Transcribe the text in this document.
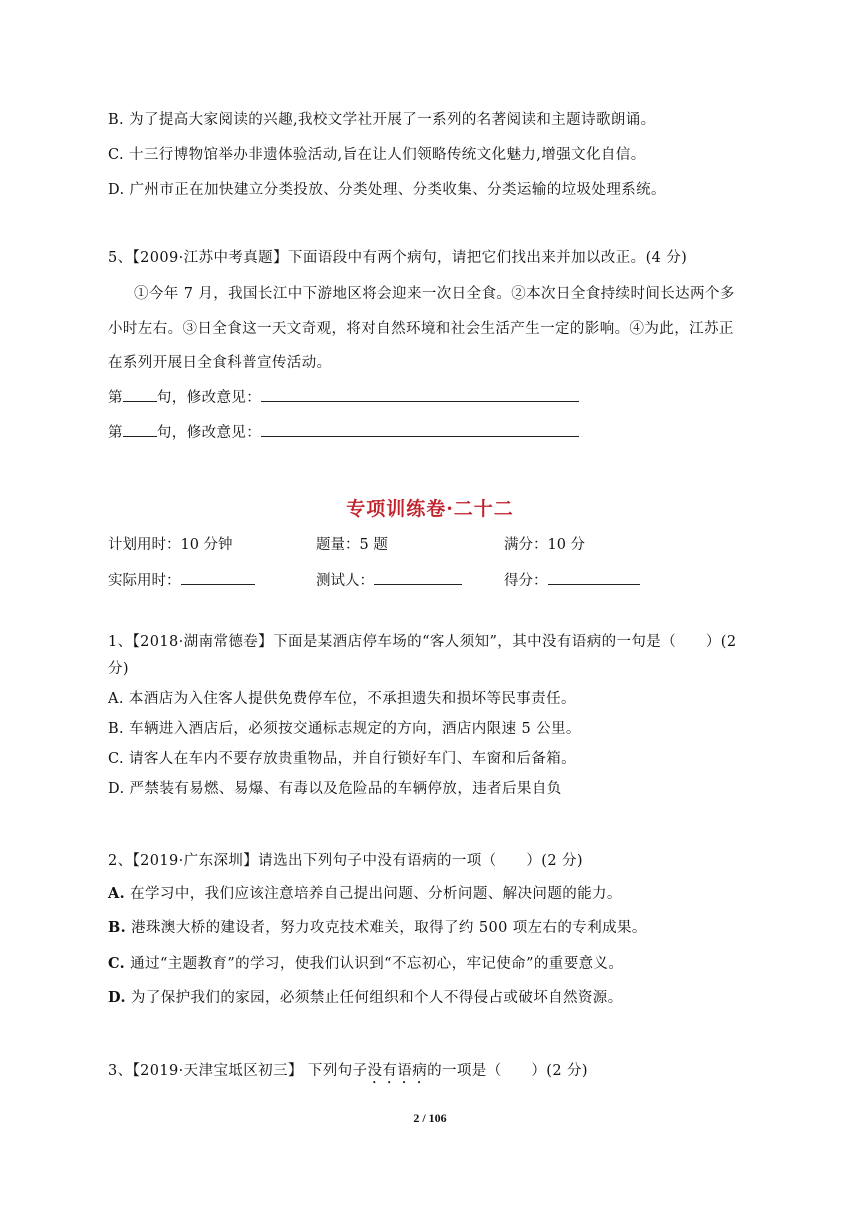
B. 为了提高大家阅读的兴趣,我校文学社开展了一系列的名著阅读和主题诗歌朗诵。
C. 十三行博物馆举办非遗体验活动,旨在让人们领略传统文化魅力,增强文化自信。
D. 广州市正在加快建立分类投放、分类处理、分类收集、分类运输的垃圾处理系统。
5、【2009·江苏中考真题】下面语段中有两个病句，请把它们找出来并加以改正。(4 分)
①今年 7 月，我国长江中下游地区将会迎来一次日全食。②本次日全食持续时间长达两个多
小时左右。③日全食这一天文奇观，将对自然环境和社会生活产生一定的影响。④为此，江苏正
在系列开展日全食科普宣传活动。
第 句，修改意见：
第 句，修改意见：
专项训练卷·二十二
计划用时：10 分钟	题量：5 题	满分：10 分
实际用时：	测试人：	得分：
1、【2018·湖南常德卷】下面是某酒店停车场的“客人须知”，其中没有语病的一句是（　　）(2
分)
A. 本酒店为入住客人提供免费停车位，不承担遗失和损坏等民事责任。
B. 车辆进入酒店后，必须按交通标志规定的方向，酒店内限速 5 公里。
C. 请客人在车内不要存放贵重物品，并自行锁好车门、车窗和后备箱。
D. 严禁装有易燃、易爆、有毒以及危险品的车辆停放，违者后果自负
2、【2019·广东深圳】请选出下列句子中没有语病的一项（　　）(2 分)
A. 在学习中，我们应该注意培养自己提出问题、分析问题、解决问题的能力。
B. 港珠澳大桥的建设者，努力攻克技术难关，取得了约 500 项左右的专利成果。
C. 通过“主题教育”的学习，使我们认识到“不忘初心，牢记使命”的重要意义。
D. 为了保护我们的家园，必须禁止任何组织和个人不得侵占或破坏自然资源。
3、【2019·天津宝坻区初三】 下列句子没有语病的一项是（　　）(2 分)
2 / 106
